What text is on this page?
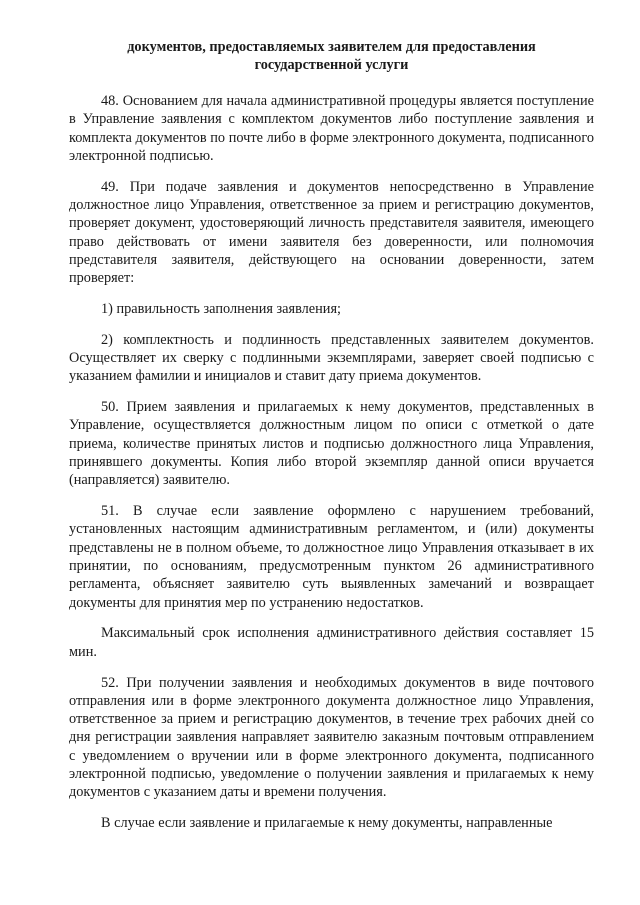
документов, предоставляемых заявителем для предоставления государственной услуги

48. Основанием для начала административной процедуры является поступление в Управление заявления с комплектом документов либо поступление заявления и комплекта документов по почте либо в форме электронного документа, подписанного электронной подписью.

49. При подаче заявления и документов непосредственно в Управление должностное лицо Управления, ответственное за прием и регистрацию документов, проверяет документ, удостоверяющий личность представителя заявителя, имеющего право действовать от имени заявителя без доверенности, или полномочия представителя заявителя, действующего на основании доверенности, затем проверяет:

1) правильность заполнения заявления;

2) комплектность и подлинность представленных заявителем документов. Осуществляет их сверку с подлинными экземплярами, заверяет своей подписью с указанием фамилии и инициалов и ставит дату приема документов.

50. Прием заявления и прилагаемых к нему документов, представленных в Управление, осуществляется должностным лицом по описи с отметкой о дате приема, количестве принятых листов и подписью должностного лица Управления, принявшего документы. Копия либо второй экземпляр данной описи вручается (направляется) заявителю.

51. В случае если заявление оформлено с нарушением требований, установленных настоящим административным регламентом, и (или) документы представлены не в полном объеме, то должностное лицо Управления отказывает в их принятии, по основаниям, предусмотренным пунктом 26 административного регламента, объясняет заявителю суть выявленных замечаний и возвращает документы для принятия мер по устранению недостатков.

Максимальный срок исполнения административного действия составляет 15 мин.

52. При получении заявления и необходимых документов в виде почтового отправления или в форме электронного документа должностное лицо Управления, ответственное за прием и регистрацию документов, в течение трех рабочих дней со дня регистрации заявления направляет заявителю заказным почтовым отправлением с уведомлением о вручении или в форме электронного документа, подписанного электронной подписью, уведомление о получении заявления и прилагаемых к нему документов с указанием даты и времени получения.

В случае если заявление и прилагаемые к нему документы, направленные
